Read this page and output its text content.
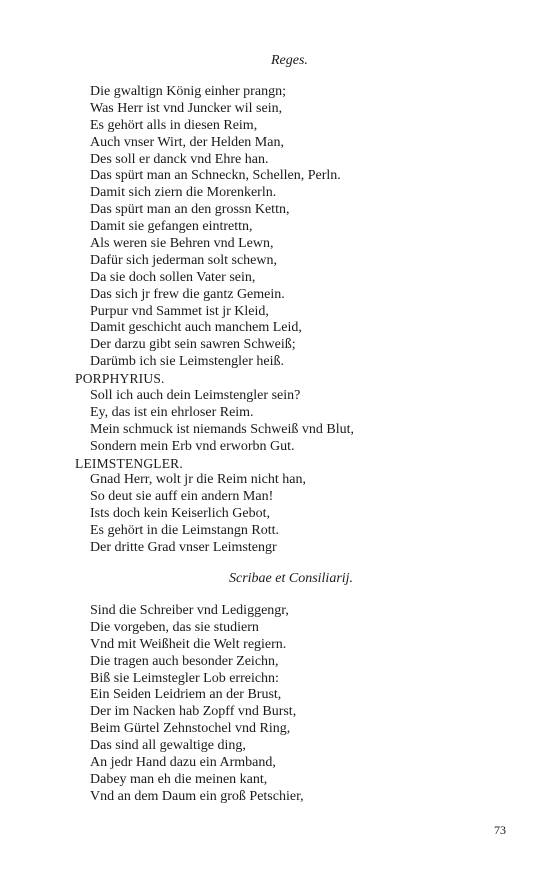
Reges.
Die gwaltign König einher prangn;
Was Herr ist vnd Juncker wil sein,
Es gehört alls in diesen Reim,
Auch vnser Wirt, der Helden Man,
Des soll er danck vnd Ehre han.
Das spürt man an Schneckn, Schellen, Perln.
Damit sich ziern die Morenkerln.
Das spürt man an den grossn Kettn,
Damit sie gefangen eintrettn,
Als weren sie Behren vnd Lewn,
Dafür sich jederman solt schewn,
Da sie doch sollen Vater sein,
Das sich jr frew die gantz Gemein.
Purpur vnd Sammet ist jr Kleid,
Damit geschicht auch manchem Leid,
Der darzu gibt sein sawren Schweiß;
Darümb ich sie Leimstengler heiß.
PORPHYRIUS.
Soll ich auch dein Leimstengler sein?
Ey, das ist ein ehrloser Reim.
Mein schmuck ist niemands Schweiß vnd Blut,
Sondern mein Erb vnd erworbn Gut.
LEIMSTENGLER.
Gnad Herr, wolt jr die Reim nicht han,
So deut sie auff ein andern Man!
Ists doch kein Keiserlich Gebot,
Es gehört in die Leimstangn Rott.
Der dritte Grad vnser Leimstengr
Scribae et Consiliarij.
Sind die Schreiber vnd Lediggengr,
Die vorgeben, das sie studiern
Vnd mit Weißheit die Welt regiern.
Die tragen auch besonder Zeichn,
Biß sie Leimstegler Lob erreichn:
Ein Seiden Leidriem an der Brust,
Der im Nacken hab Zopff vnd Burst,
Beim Gürtel Zehnstochel vnd Ring,
Das sind all gewaltige ding,
An jedr Hand dazu ein Armband,
Dabey man eh die meinen kant,
Vnd an dem Daum ein groß Petschier,
73
